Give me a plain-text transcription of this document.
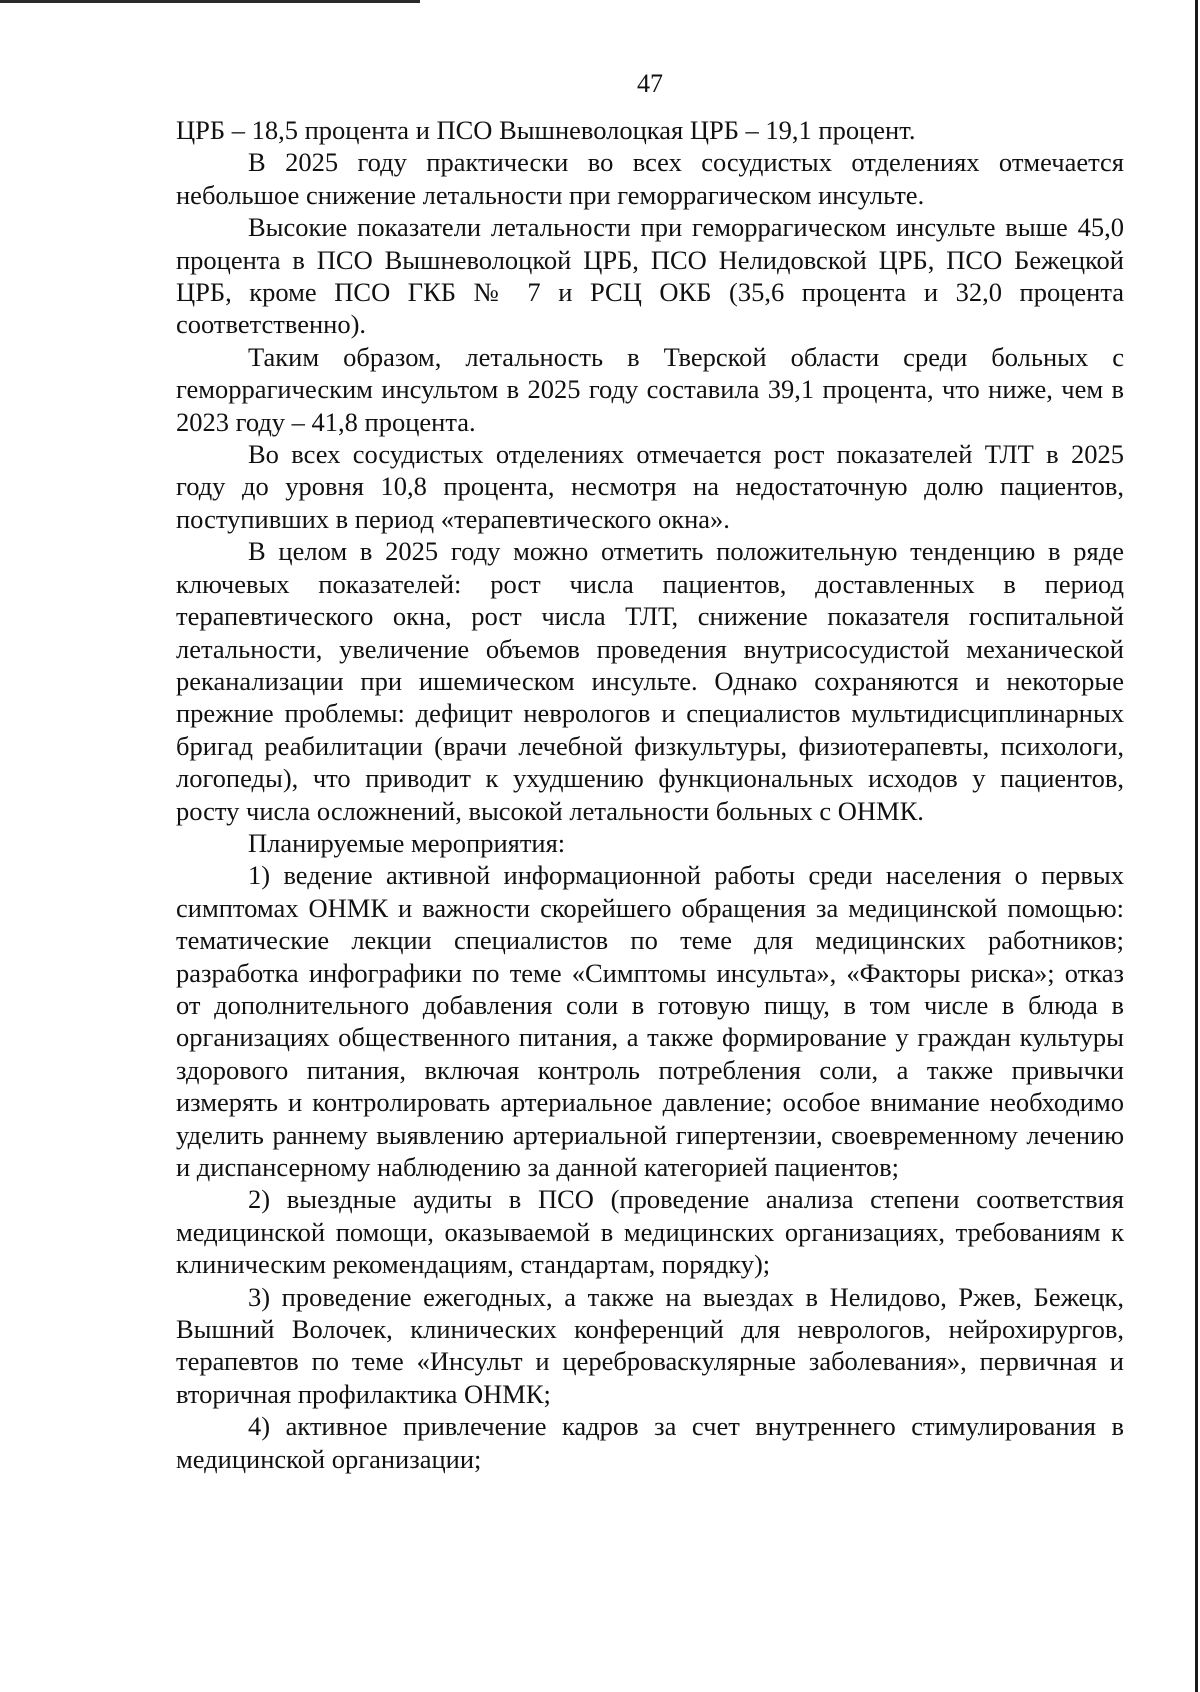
47

ЦРБ – 18,5 процента и ПСО Вышневолоцкая ЦРБ – 19,1 процент.

В 2025 году практически во всех сосудистых отделениях отмечается небольшое снижение летальности при геморрагическом инсульте.

Высокие показатели летальности при геморрагическом инсульте выше 45,0 процента в ПСО Вышневолоцкой ЦРБ, ПСО Нелидовской ЦРБ, ПСО Бежецкой ЦРБ, кроме ПСО ГКБ № 7 и РСЦ ОКБ (35,6 процента и 32,0 процента соответственно).

Таким образом, летальность в Тверской области среди больных с геморрагическим инсультом в 2025 году составила 39,1 процента, что ниже, чем в 2023 году – 41,8 процента.

Во всех сосудистых отделениях отмечается рост показателей ТЛТ в 2025 году до уровня 10,8 процента, несмотря на недостаточную долю пациентов, поступивших в период «терапевтического окна».

В целом в 2025 году можно отметить положительную тенденцию в ряде ключевых показателей: рост числа пациентов, доставленных в период терапевтического окна, рост числа ТЛТ, снижение показателя госпитальной летальности, увеличение объемов проведения внутрисосудистой механической реканализации при ишемическом инсульте. Однако сохраняются и некоторые прежние проблемы: дефицит неврологов и специалистов мультидисциплинарных бригад реабилитации (врачи лечебной физкультуры, физиотерапевты, психологи, логопеды), что приводит к ухудшению функциональных исходов у пациентов, росту числа осложнений, высокой летальности больных с ОНМК.

Планируемые мероприятия:

1) ведение активной информационной работы среди населения о первых симптомах ОНМК и важности скорейшего обращения за медицинской помощью: тематические лекции специалистов по теме для медицинских работников; разработка инфографики по теме «Симптомы инсульта», «Факторы риска»; отказ от дополнительного добавления соли в готовую пищу, в том числе в блюда в организациях общественного питания, а также формирование у граждан культуры здорового питания, включая контроль потребления соли, а также привычки измерять и контролировать артериальное давление; особое внимание необходимо уделить раннему выявлению артериальной гипертензии, своевременному лечению и диспансерному наблюдению за данной категорией пациентов;

2) выездные аудиты в ПСО (проведение анализа степени соответствия медицинской помощи, оказываемой в медицинских организациях, требованиям к клиническим рекомендациям, стандартам, порядку);

3) проведение ежегодных, а также на выездах в Нелидово, Ржев, Бежецк, Вышний Волочек, клинических конференций для неврологов, нейрохирургов, терапевтов по теме «Инсульт и цереброваскулярные заболевания», первичная и вторичная профилактика ОНМК;

4) активное привлечение кадров за счет внутреннего стимулирования в медицинской организации;
